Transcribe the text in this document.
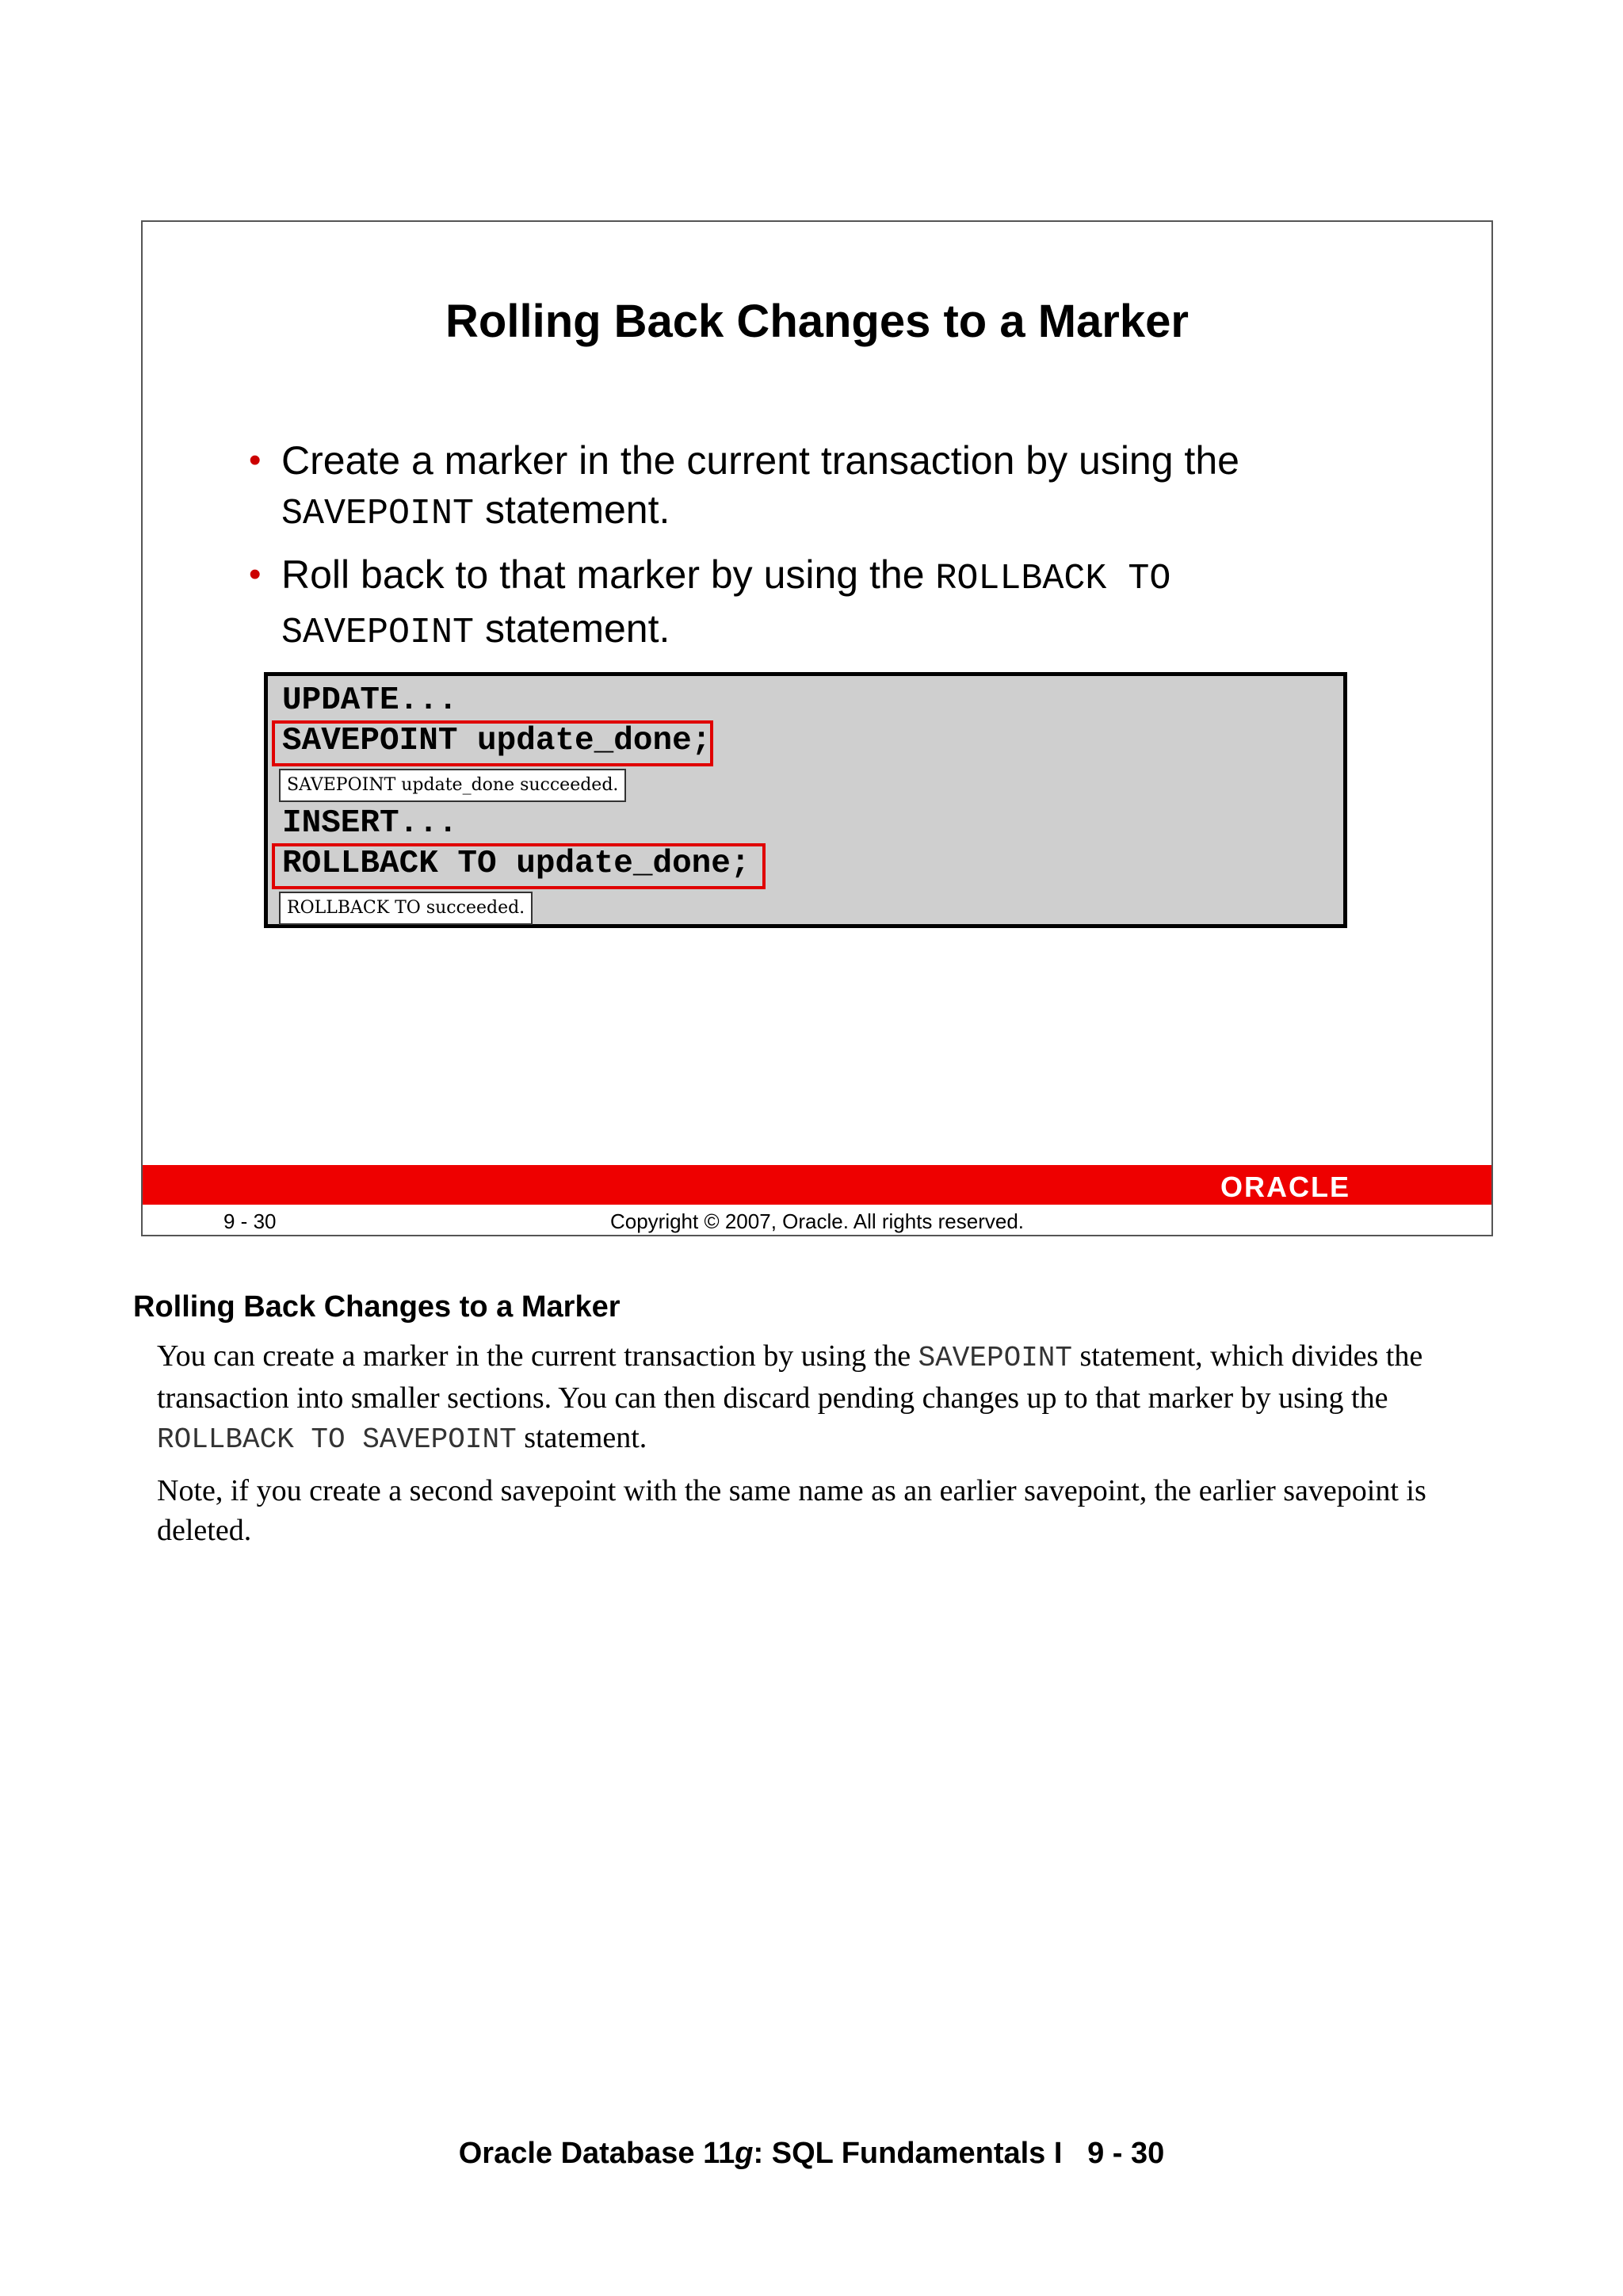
Rolling Back Changes to a Marker
• Create a marker in the current transaction by using the
SAVEPOINT statement.
• Roll back to that marker by using the ROLLBACK TO
SAVEPOINT statement.
UPDATE...
SAVEPOINT update_done;
SAVEPOINT update_done succeeded.
INSERT...
ROLLBACK TO update_done;
ROLLBACK TO succeeded.
ORACLE
9 - 30	Copyright © 2007, Oracle. All rights reserved.
Rolling Back Changes to a Marker

You can create a marker in the current transaction by using the SAVEPOINT statement, which divides the transaction into smaller sections. You can then discard pending changes up to that marker by using the ROLLBACK TO SAVEPOINT statement.

Note, if you create a second savepoint with the same name as an earlier savepoint, the earlier savepoint is deleted.

Oracle Database 11g: SQL Fundamentals I   9 - 30
